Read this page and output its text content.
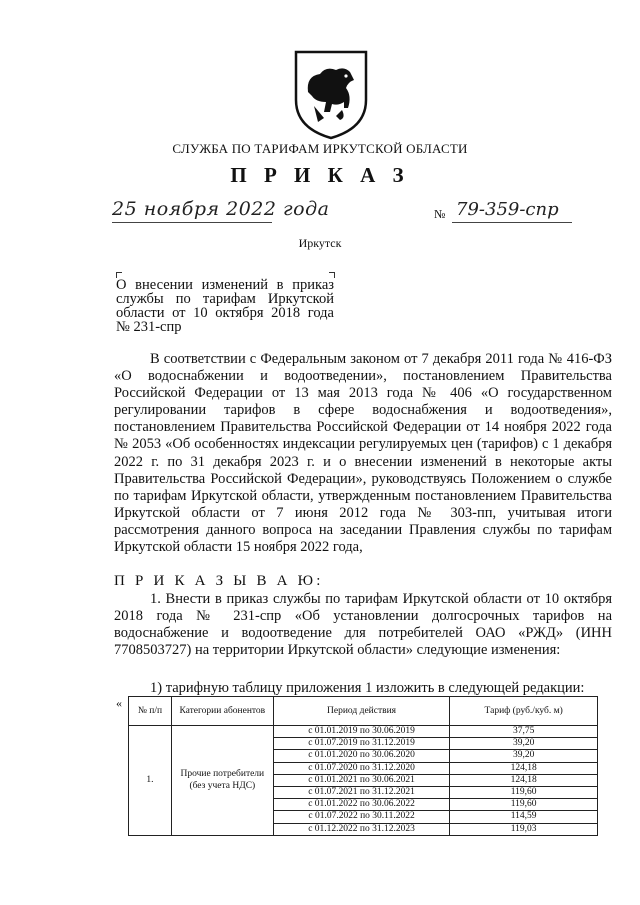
СЛУЖБА ПО ТАРИФАМ ИРКУТСКОЙ ОБЛАСТИ
П Р И К А З
25 ноября 2022 года	№ 79-359-спр
Иркутск
О внесении изменений в приказ
службы по тарифам Иркутской
области от 10 октября 2018 года
№ 231-спр
В соответствии с Федеральным законом от 7 декабря 2011 года № 416-ФЗ «О водоснабжении и водоотведении», постановлением Правительства Российской Федерации от 13 мая 2013 года № 406 «О государственном регулировании тарифов в сфере водоснабжения и водоотведения», постановлением Правительства Российской Федерации от 14 ноября 2022 года № 2053 «Об особенностях индексации регулируемых цен (тарифов) с 1 декабря 2022 г. по 31 декабря 2023 г. и о внесении изменений в некоторые акты Правительства Российской Федерации», руководствуясь Положением о службе по тарифам Иркутской области, утвержденным постановлением Правительства Иркутской области от 7 июня 2012 года № 303-пп, учитывая итоги рассмотрения данного вопроса на заседании Правления службы по тарифам Иркутской области 15 ноября 2022 года,
П Р И К А З Ы В А Ю:
1. Внести в приказ службы по тарифам Иркутской области от 10 октября 2018 года № 231-спр «Об установлении долгосрочных тарифов на водоснабжение и водоотведение для потребителей ОАО «РЖД» (ИНН 7708503727) на территории Иркутской области» следующие изменения:
1) тарифную таблицу приложения 1 изложить в следующей редакции:
«
№ п/п	Категории абонентов	Период действия	Тариф (руб./куб. м)
1.	Прочие потребители (без учета НДС)	с 01.01.2019 по 30.06.2019	37,75
		с 01.07.2019 по 31.12.2019	39,20
		с 01.01.2020 по 30.06.2020	39,20
		с 01.07.2020 по 31.12.2020	124,18
		с 01.01.2021 по 30.06.2021	124,18
		с 01.07.2021 по 31.12.2021	119,60
		с 01.01.2022 по 30.06.2022	119,60
		с 01.07.2022 по 30.11.2022	114,59
		с 01.12.2022 по 31.12.2023	119,03
